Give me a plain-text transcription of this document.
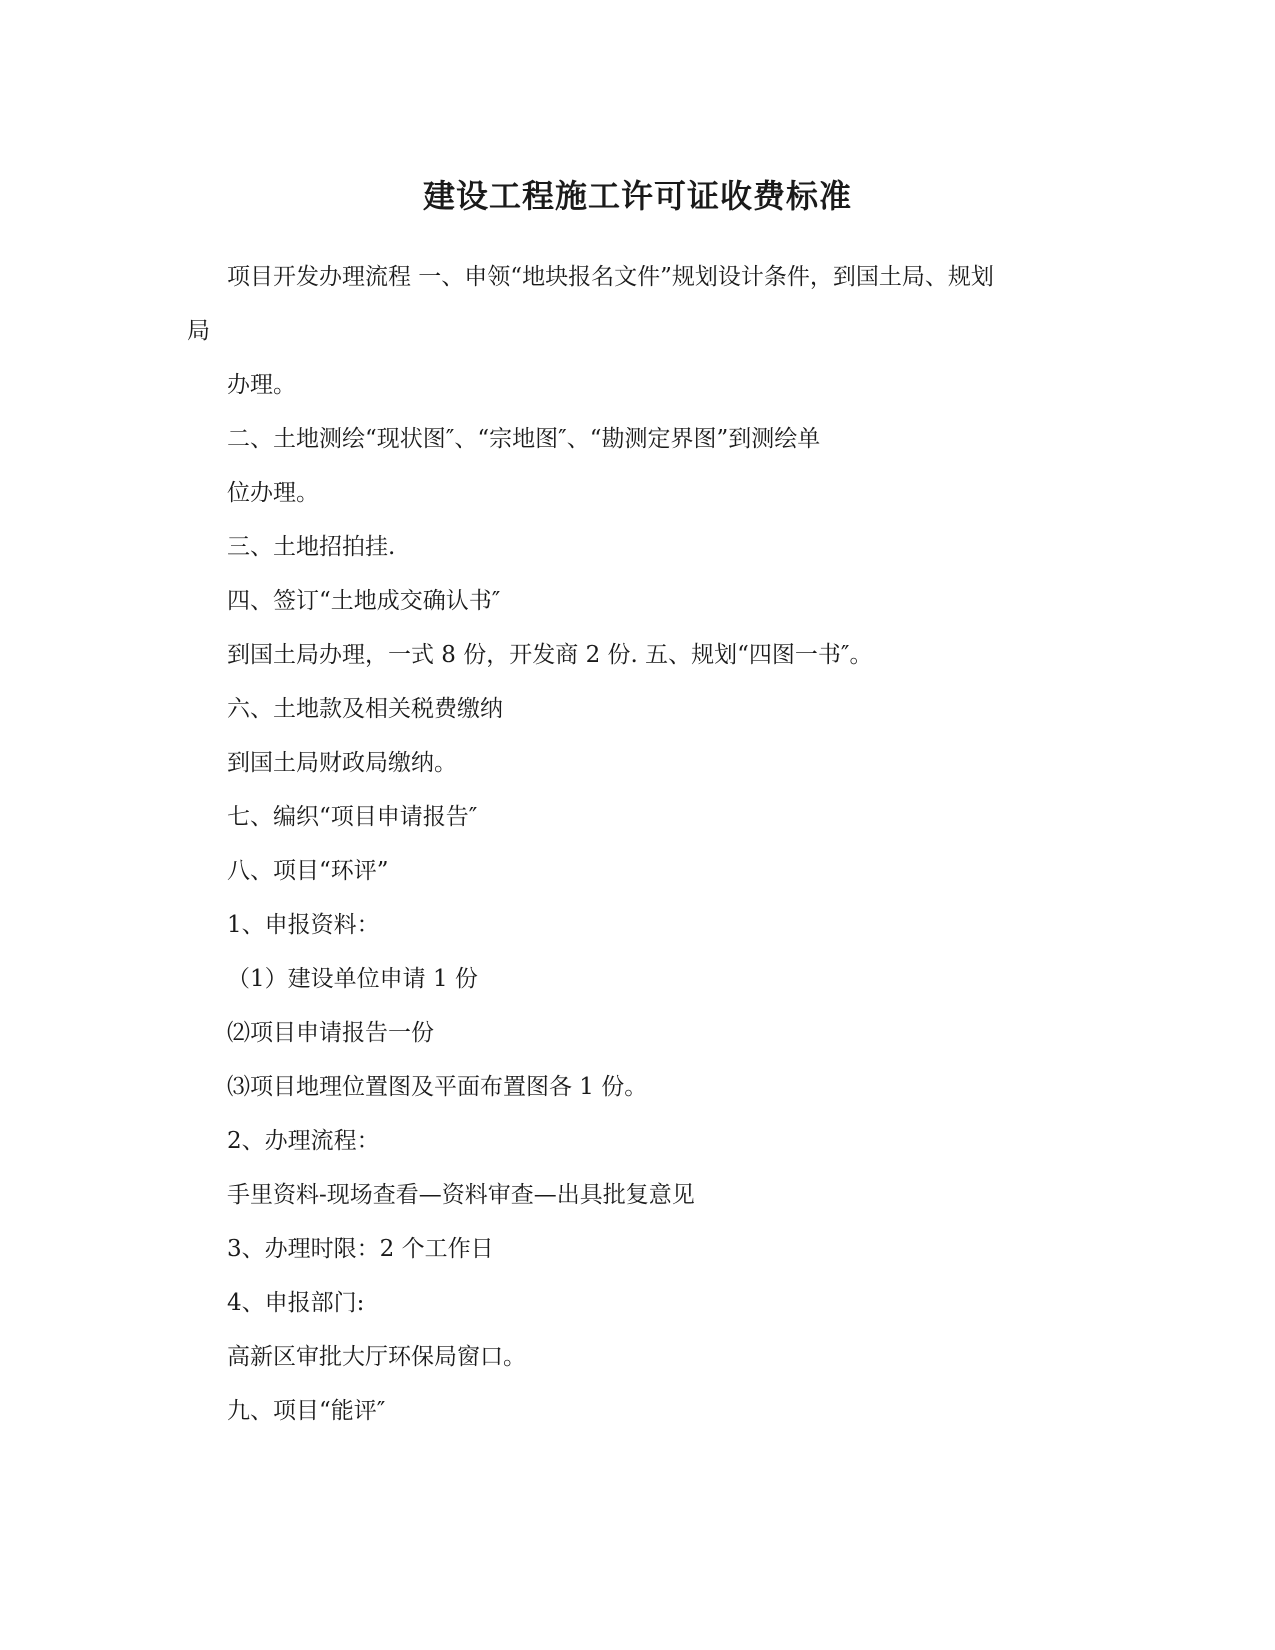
建设工程施工许可证收费标准
项目开发办理流程 一、申领“地块报名文件”规划设计条件，到国土局、规划
局
办理。
二、土地测绘“现状图″、“宗地图″、“勘测定界图”到测绘单
位办理。
三、土地招拍挂.
四、签订“土地成交确认书″
到国土局办理，一式 8 份，开发商 2 份. 五、规划“四图一书″。
六、土地款及相关税费缴纳
到国土局财政局缴纳。
七、编织“项目申请报告″
八、项目“环评”
1、申报资料：
（1）建设单位申请 1 份
⑵项目申请报告一份
⑶项目地理位置图及平面布置图各 1 份。
2、办理流程：
手里资料-现场查看—资料审查—出具批复意见
3、办理时限：2 个工作日
4、申报部门:
高新区审批大厅环保局窗口。
九、项目“能评″
